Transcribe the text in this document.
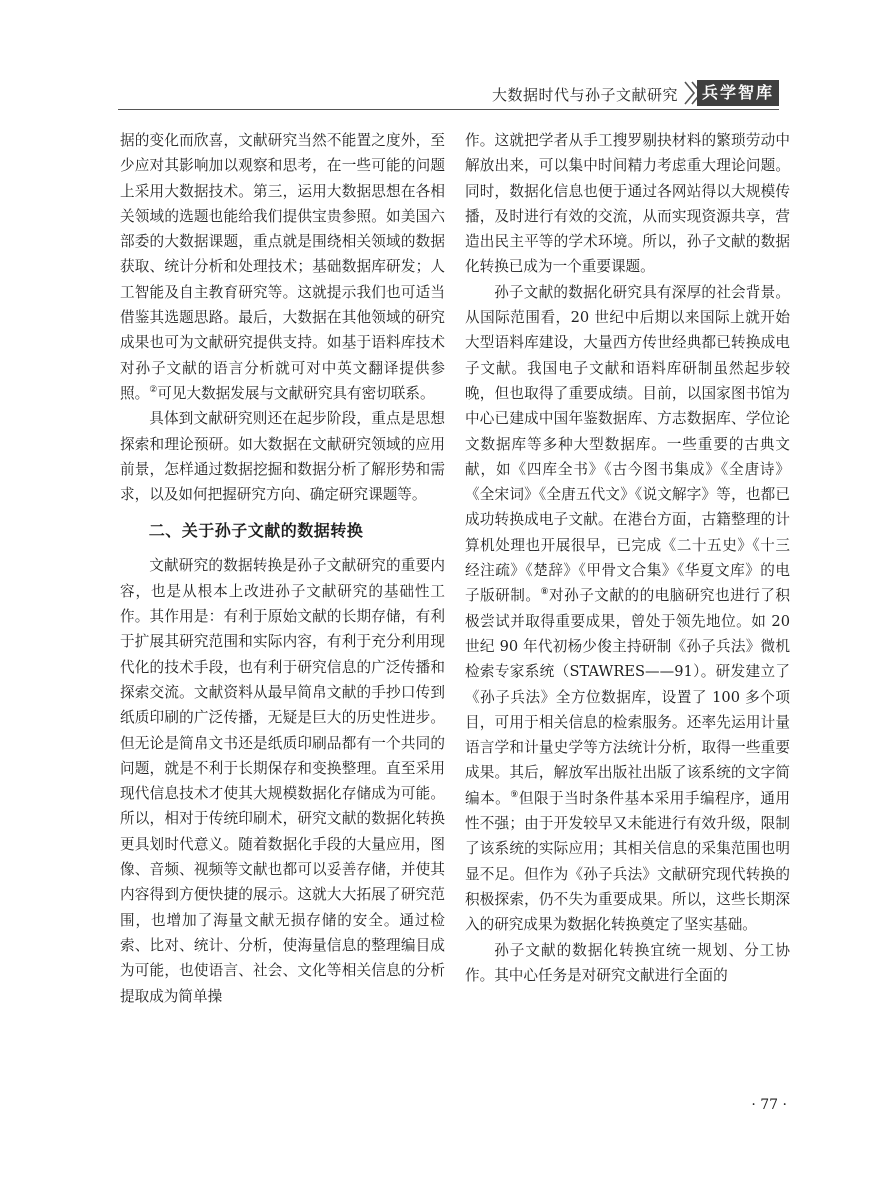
大数据时代与孙子文献研究	兵学智库

据的变化而欣喜，文献研究当然不能置之度外，至少应对其影响加以观察和思考，在一些可能的问题上采用大数据技术。第三，运用大数据思想在各相关领域的选题也能给我们提供宝贵参照。如美国六部委的大数据课题，重点就是围绕相关领域的数据获取、统计分析和处理技术；基础数据库研发；人工智能及自主教育研究等。这就提示我们也可适当借鉴其选题思路。最后，大数据在其他领域的研究成果也可为文献研究提供支持。如基于语料库技术对孙子文献的语言分析就可对中英文翻译提供参照。②可见大数据发展与文献研究具有密切联系。

具体到文献研究则还在起步阶段，重点是思想探索和理论预研。如大数据在文献研究领域的应用前景，怎样通过数据挖掘和数据分析了解形势和需求，以及如何把握研究方向、确定研究课题等。

二、关于孙子文献的数据转换

文献研究的数据转换是孙子文献研究的重要内容，也是从根本上改进孙子文献研究的基础性工作。其作用是：有利于原始文献的长期存储，有利于扩展其研究范围和实际内容，有利于充分利用现代化的技术手段，也有利于研究信息的广泛传播和探索交流。文献资料从最早简帛文献的手抄口传到纸质印刷的广泛传播，无疑是巨大的历史性进步。但无论是简帛文书还是纸质印刷品都有一个共同的问题，就是不利于长期保存和变换整理。直至采用现代信息技术才使其大规模数据化存储成为可能。所以，相对于传统印刷术，研究文献的数据化转换更具划时代意义。随着数据化手段的大量应用，图像、音频、视频等文献也都可以妥善存储，并使其内容得到方便快捷的展示。这就大大拓展了研究范围，也增加了海量文献无损存储的安全。通过检索、比对、统计、分析，使海量信息的整理编目成为可能，也使语言、社会、文化等相关信息的分析提取成为简单操

作。这就把学者从手工搜罗剔抉材料的繁琐劳动中解放出来，可以集中时间精力考虑重大理论问题。同时，数据化信息也便于通过各网站得以大规模传播，及时进行有效的交流，从而实现资源共享，营造出民主平等的学术环境。所以，孙子文献的数据化转换已成为一个重要课题。

孙子文献的数据化研究具有深厚的社会背景。从国际范围看，20 世纪中后期以来国际上就开始大型语料库建设，大量西方传世经典都已转换成电子文献。我国电子文献和语料库研制虽然起步较晚，但也取得了重要成绩。目前，以国家图书馆为中心已建成中国年鉴数据库、方志数据库、学位论文数据库等多种大型数据库。一些重要的古典文献，如《四库全书》《古今图书集成》《全唐诗》《全宋词》《全唐五代文》《说文解字》等，也都已成功转换成电子文献。在港台方面，古籍整理的计算机处理也开展很早，已完成《二十五史》《十三经注疏》《楚辞》《甲骨文合集》《华夏文库》的电子版研制。⑧对孙子文献的的电脑研究也进行了积极尝试并取得重要成果，曾处于领先地位。如 20 世纪 90 年代初杨少俊主持研制《孙子兵法》微机检索专家系统（STAWRES——91）。研发建立了《孙子兵法》全方位数据库，设置了 100 多个项目，可用于相关信息的检索服务。还率先运用计量语言学和计量史学等方法统计分析，取得一些重要成果。其后，解放军出版社出版了该系统的文字简编本。⑨但限于当时条件基本采用手编程序，通用性不强；由于开发较早又未能进行有效升级，限制了该系统的实际应用；其相关信息的采集范围也明显不足。但作为《孙子兵法》文献研究现代转换的积极探索，仍不失为重要成果。所以，这些长期深入的研究成果为数据化转换奠定了坚实基础。

孙子文献的数据化转换宜统一规划、分工协作。其中心任务是对研究文献进行全面的

· 77 ·
